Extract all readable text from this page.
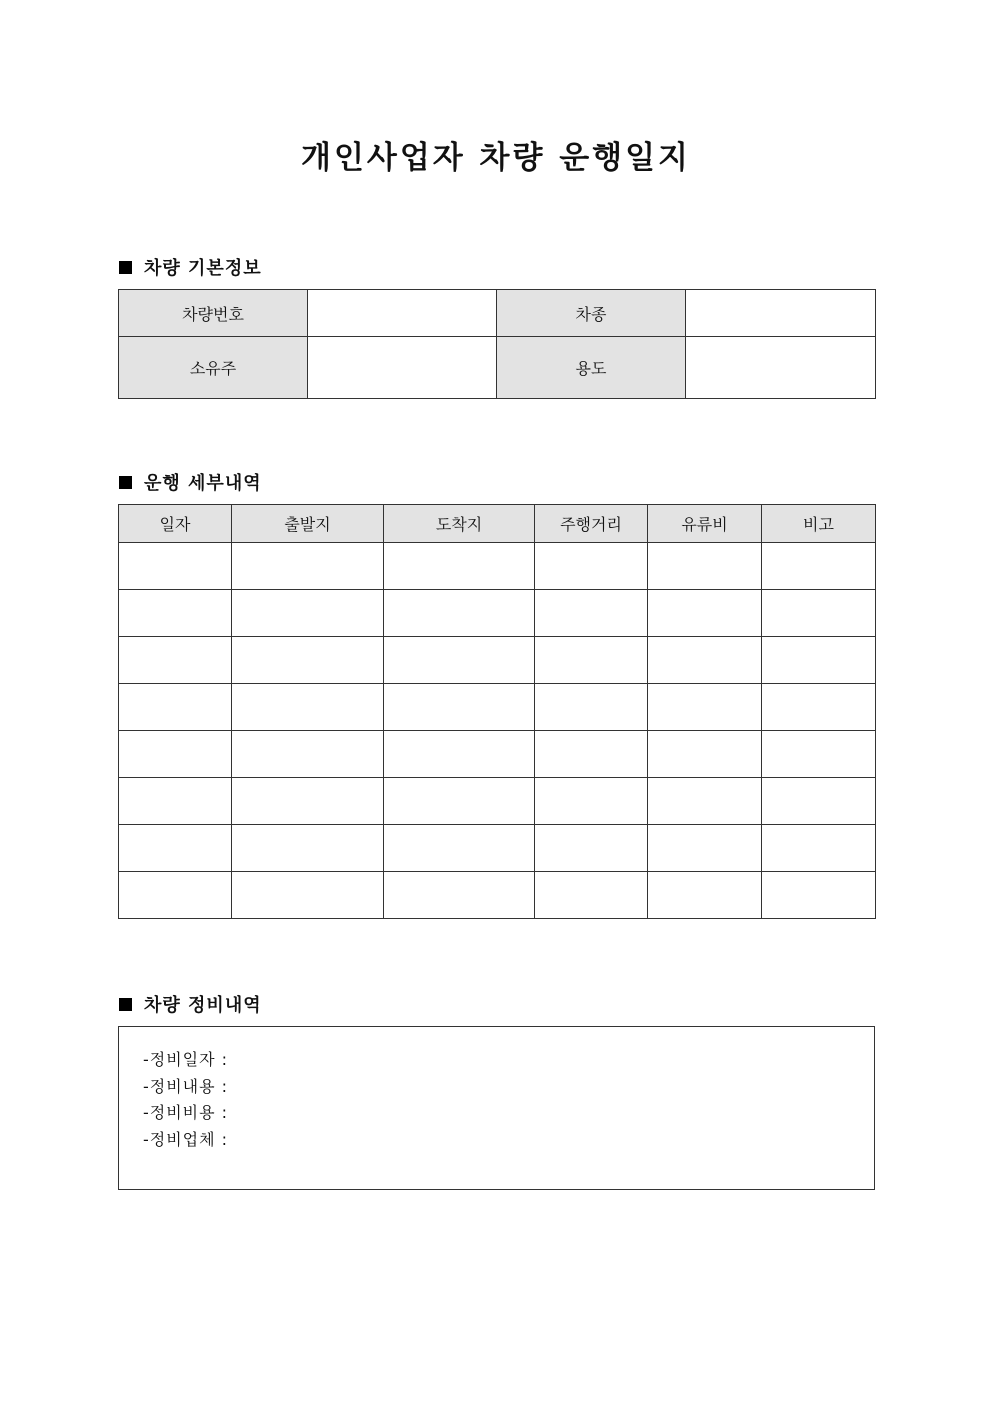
개인사업자 차량 운행일지
차량 기본정보
차량번호		차종	
소유주		용도	
운행 세부내역
일자	출발지	도착지	주행거리	유류비	비고

차량 정비내역
-정비일자 :
-정비내용 :
-정비비용 :
-정비업체 :
